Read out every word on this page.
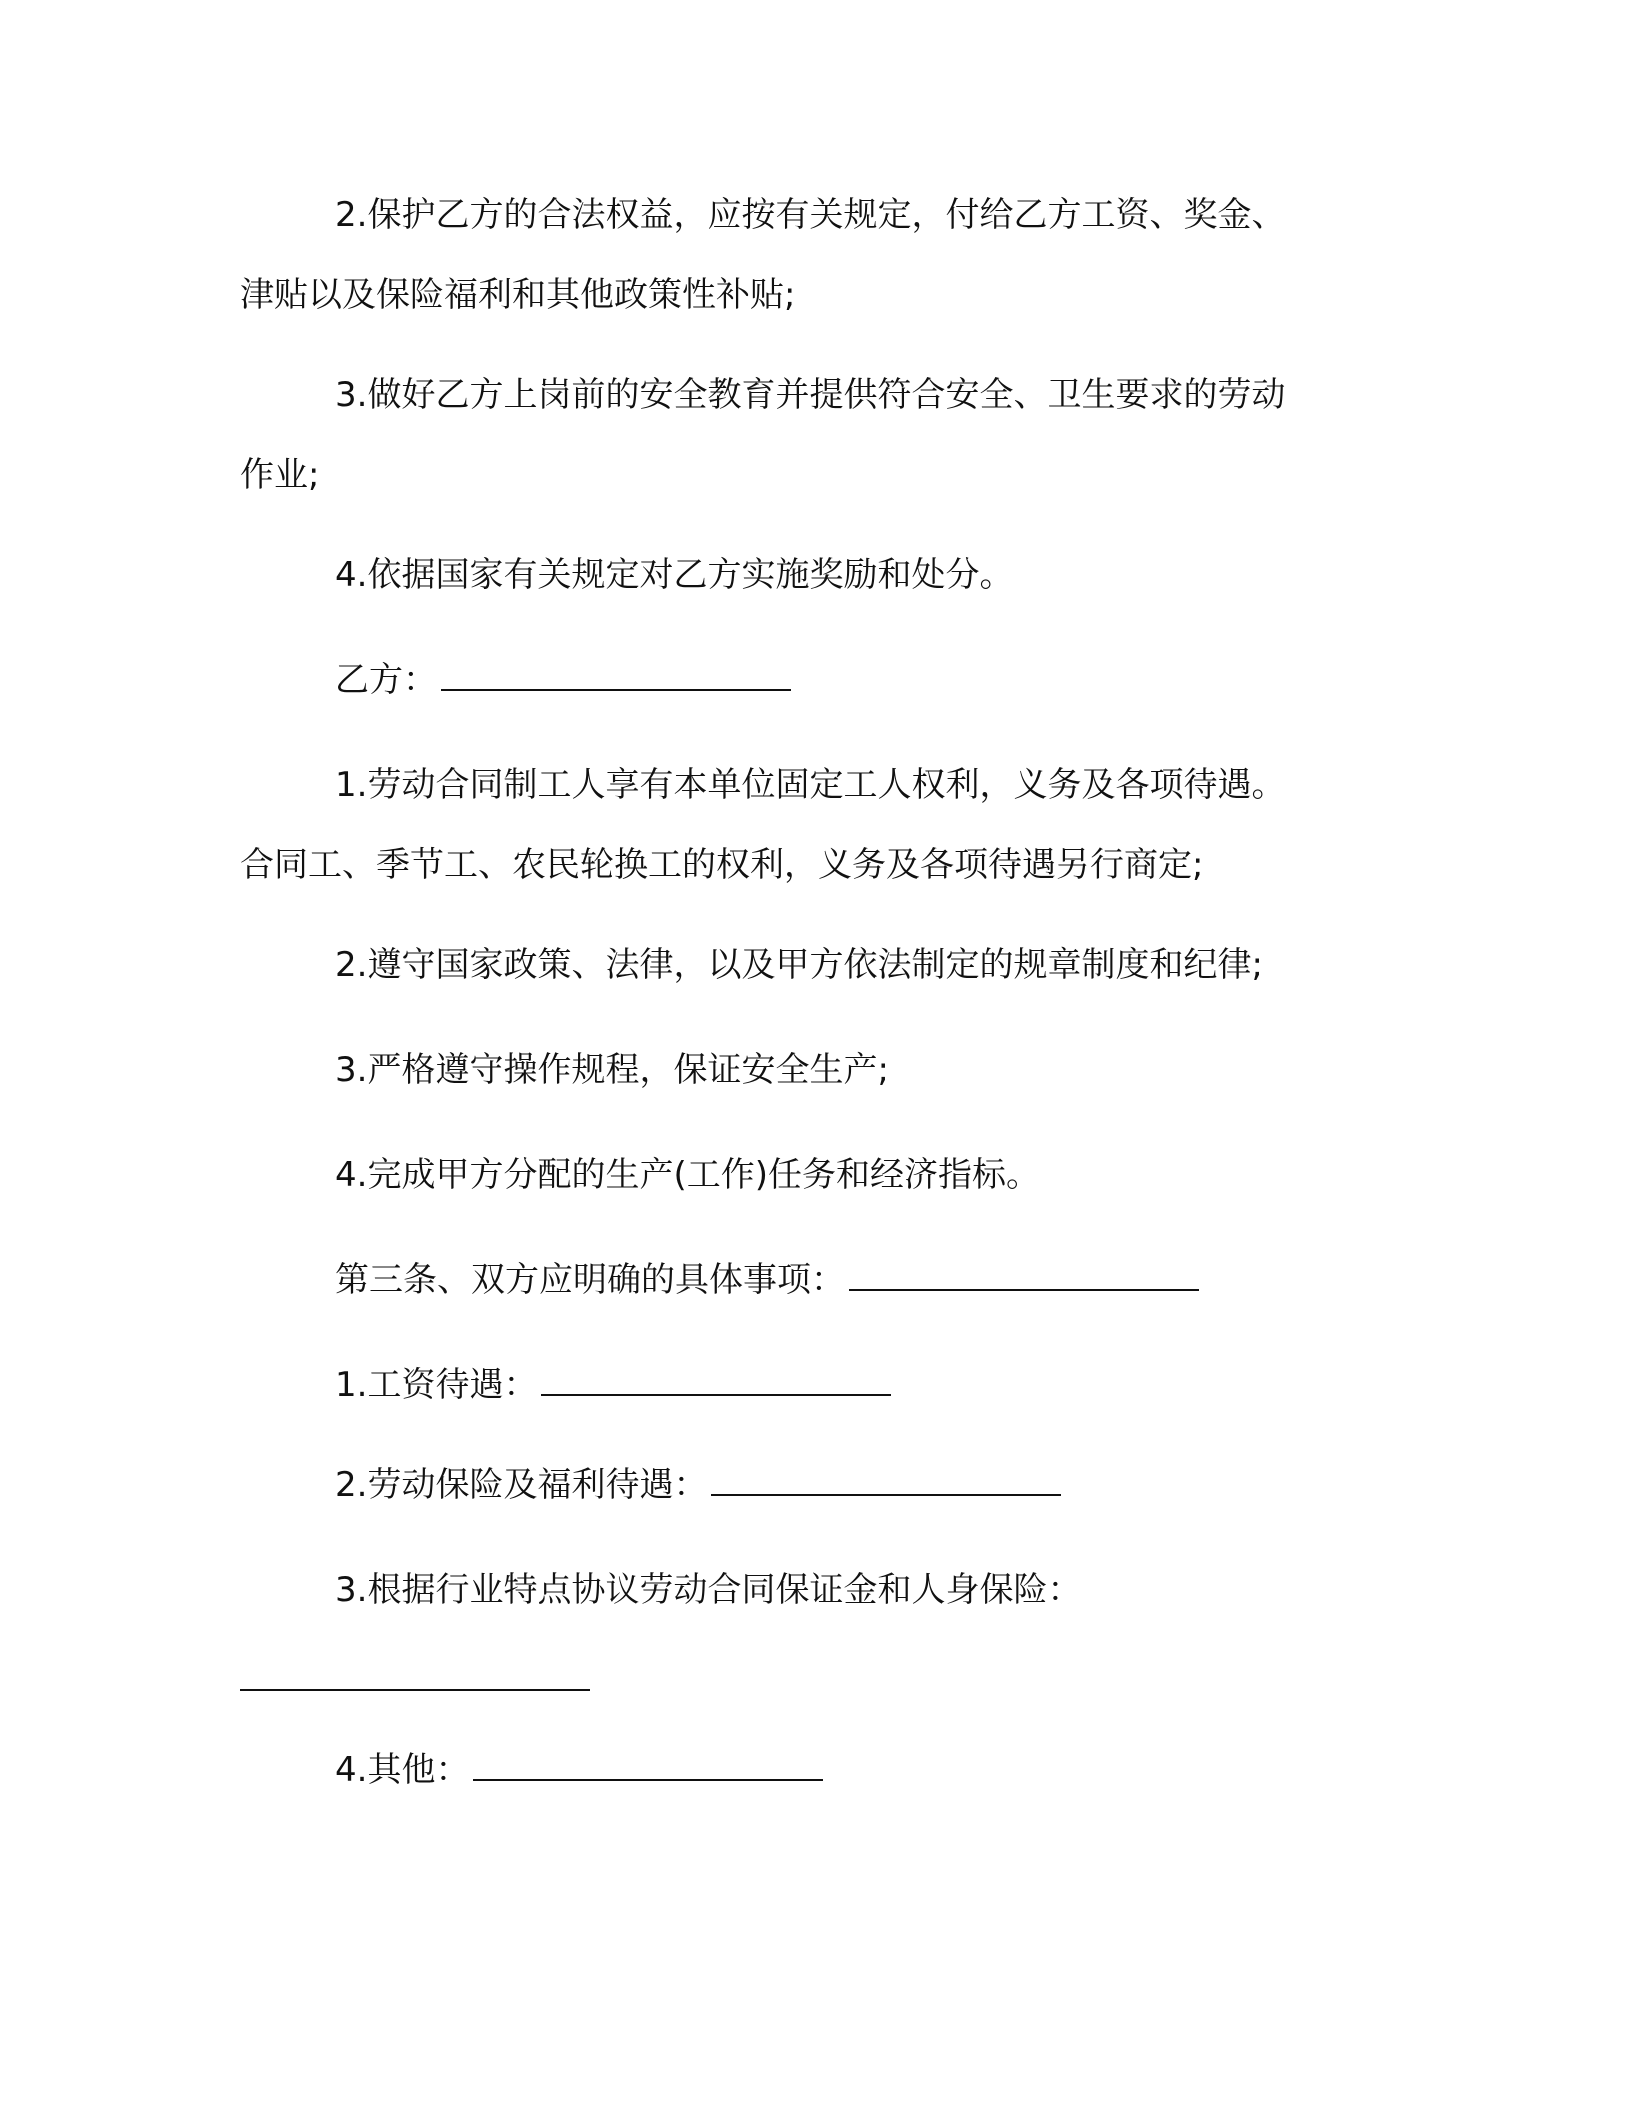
2.保护乙方的合法权益，应按有关规定，付给乙方工资、奖金、

津贴以及保险福利和其他政策性补贴;

3.做好乙方上岗前的安全教育并提供符合安全、卫生要求的劳动

作业;

4.依据国家有关规定对乙方实施奖励和处分。

乙方：

1.劳动合同制工人享有本单位固定工人权利，义务及各项待遇。

合同工、季节工、农民轮换工的权利，义务及各项待遇另行商定;

2.遵守国家政策、法律，以及甲方依法制定的规章制度和纪律;

3.严格遵守操作规程，保证安全生产;

4.完成甲方分配的生产(工作)任务和经济指标。

第三条、双方应明确的具体事项：

1.工资待遇：

2.劳动保险及福利待遇：

3.根据行业特点协议劳动合同保证金和人身保险：

4.其他：
